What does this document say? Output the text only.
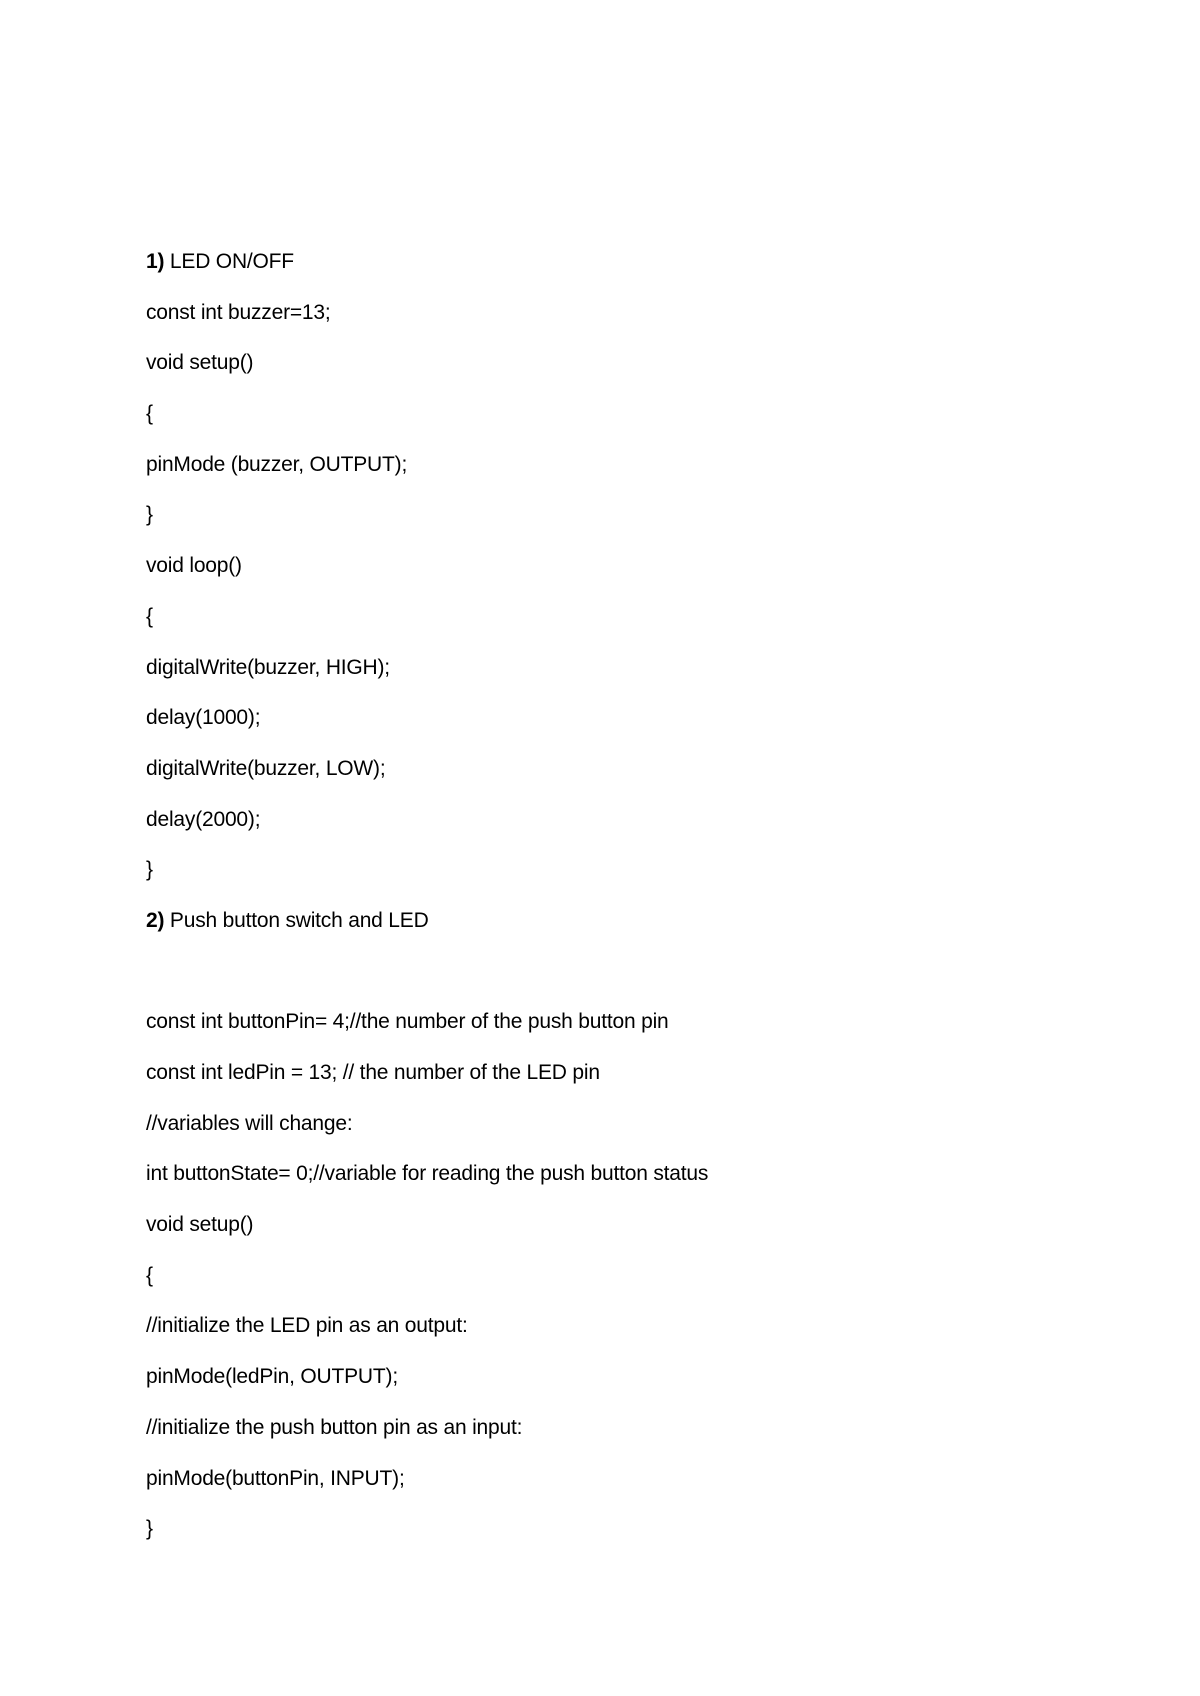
1) LED ON/OFF
const int buzzer=13;
void setup()
{
pinMode (buzzer, OUTPUT);
}
void loop()
{
digitalWrite(buzzer, HIGH);
delay(1000);
digitalWrite(buzzer, LOW);
delay(2000);
}
2) Push button switch and LED
const int buttonPin= 4;//the number of the push button pin
const int ledPin = 13; // the number of the LED pin
//variables will change:
int buttonState= 0;//variable for reading the push button status
void setup()
{
//initialize the LED pin as an output:
pinMode(ledPin, OUTPUT);
//initialize the push button pin as an input:
pinMode(buttonPin, INPUT);
}
